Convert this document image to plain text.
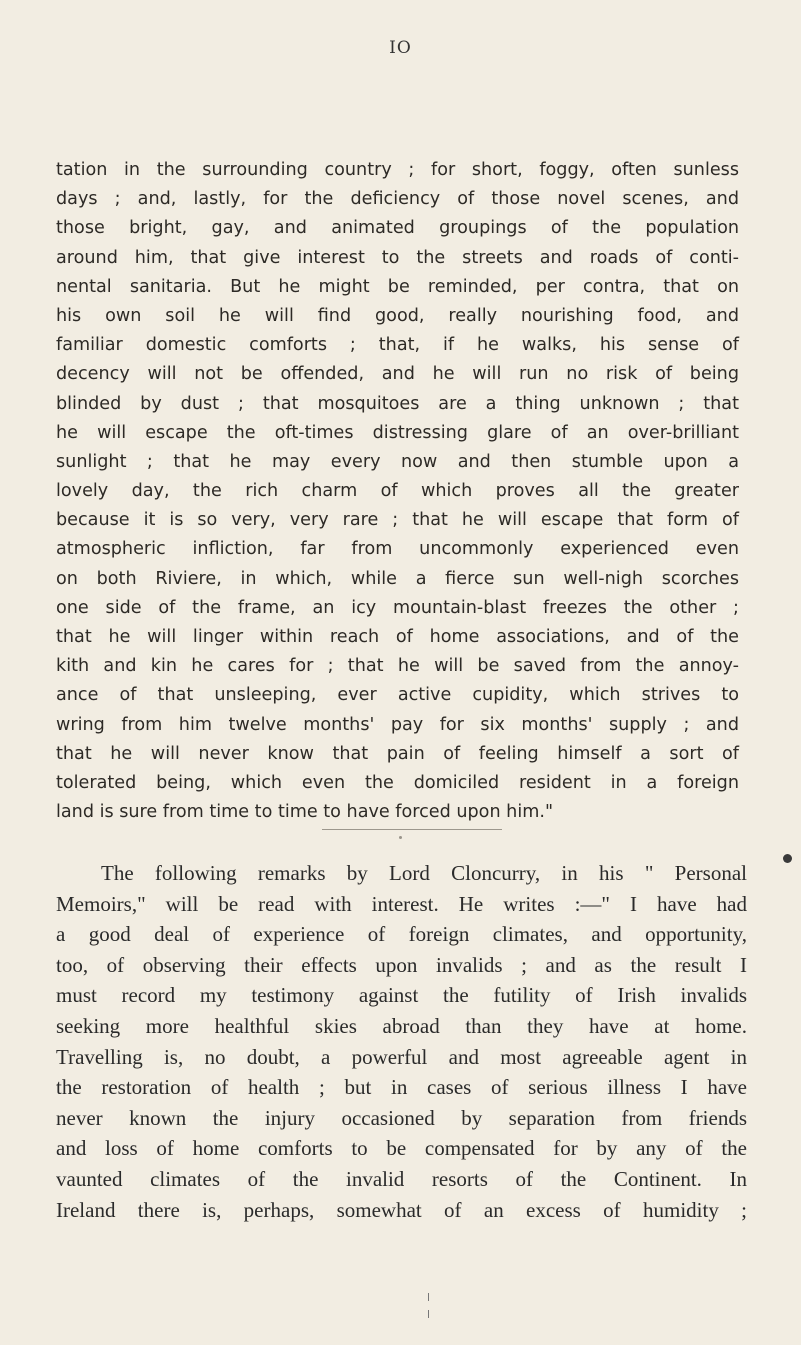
IO
tation in the surrounding country ; for short, foggy, often sunless
days ; and, lastly, for the deficiency of those novel scenes, and
those bright, gay, and animated groupings of the population
around him, that give interest to the streets and roads of conti-
nental sanitaria. But he might be reminded, per contra, that on
his own soil he will find good, really nourishing food, and
familiar domestic comforts ; that, if he walks, his sense of
decency will not be offended, and he will run no risk of being
blinded by dust ; that mosquitoes are a thing unknown ; that
he will escape the oft-times distressing glare of an over-brilliant
sunlight ; that he may every now and then stumble upon a
lovely day, the rich charm of which proves all the greater
because it is so very, very rare ; that he will escape that form of
atmospheric infliction, far from uncommonly experienced even
on both Riviere, in which, while a fierce sun well-nigh scorches
one side of the frame, an icy mountain-blast freezes the other ;
that he will linger within reach of home associations, and of the
kith and kin he cares for ; that he will be saved from the annoy-
ance of that unsleeping, ever active cupidity, which strives to
wring from him twelve months' pay for six months' supply ; and
that he will never know that pain of feeling himself a sort of
tolerated being, which even the domiciled resident in a foreign
land is sure from time to time to have forced upon him."
The following remarks by Lord Cloncurry, in his " Personal
Memoirs," will be read with interest. He writes :—" I have had
a good deal of experience of foreign climates, and opportunity,
too, of observing their effects upon invalids ; and as the result I
must record my testimony against the futility of Irish invalids
seeking more healthful skies abroad than they have at home.
Travelling is, no doubt, a powerful and most agreeable agent in
the restoration of health ; but in cases of serious illness I have
never known the injury occasioned by separation from friends
and loss of home comforts to be compensated for by any of the
vaunted climates of the invalid resorts of the Continent. In
Ireland there is, perhaps, somewhat of an excess of humidity ;
